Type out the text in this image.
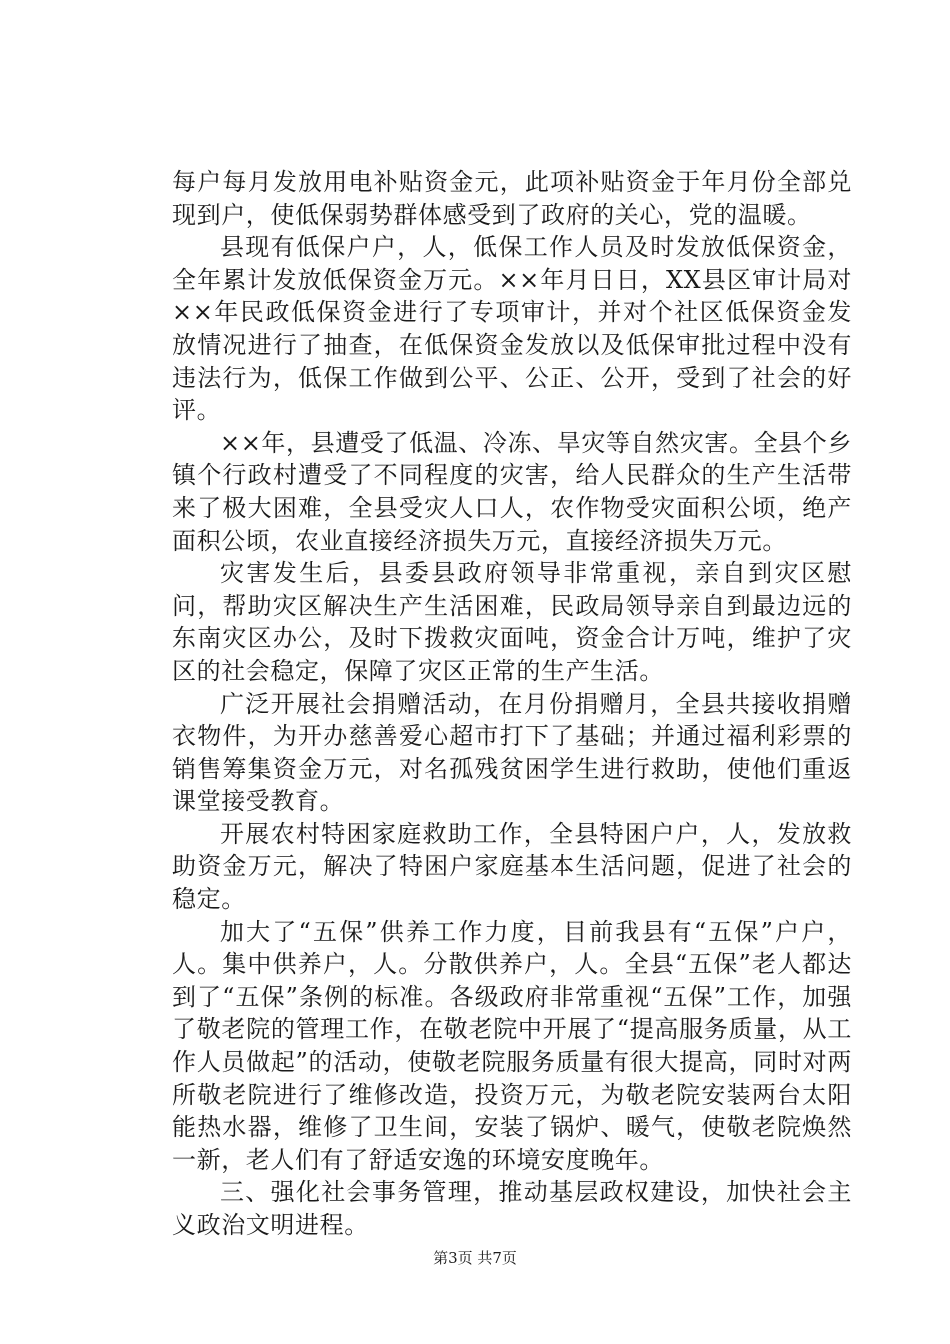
每户每月发放用电补贴资金元，此项补贴资金于年月份全部兑现到户，使低保弱势群体感受到了政府的关心，党的温暖。

县现有低保户户，人，低保工作人员及时发放低保资金，全年累计发放低保资金万元。××年月日日，XX县区审计局对××年民政低保资金进行了专项审计，并对个社区低保资金发放情况进行了抽查，在低保资金发放以及低保审批过程中没有违法行为，低保工作做到公平、公正、公开，受到了社会的好评。

××年，县遭受了低温、冷冻、旱灾等自然灾害。全县个乡镇个行政村遭受了不同程度的灾害，给人民群众的生产生活带来了极大困难，全县受灾人口人，农作物受灾面积公顷，绝产面积公顷，农业直接经济损失万元，直接经济损失万元。

灾害发生后，县委县政府领导非常重视，亲自到灾区慰问，帮助灾区解决生产生活困难，民政局领导亲自到最边远的东南灾区办公，及时下拨救灾面吨，资金合计万吨，维护了灾区的社会稳定，保障了灾区正常的生产生活。

广泛开展社会捐赠活动，在月份捐赠月，全县共接收捐赠衣物件，为开办慈善爱心超市打下了基础；并通过福利彩票的销售筹集资金万元，对名孤残贫困学生进行救助，使他们重返课堂接受教育。

开展农村特困家庭救助工作，全县特困户户，人，发放救助资金万元，解决了特困户家庭基本生活问题，促进了社会的稳定。

加大了“五保”供养工作力度，目前我县有“五保”户户，人。集中供养户，人。分散供养户，人。全县“五保”老人都达到了“五保”条例的标准。各级政府非常重视“五保”工作，加强了敬老院的管理工作，在敬老院中开展了“提高服务质量，从工作人员做起”的活动，使敬老院服务质量有很大提高，同时对两所敬老院进行了维修改造，投资万元，为敬老院安装两台太阳能热水器，维修了卫生间，安装了锅炉、暖气，使敬老院焕然一新，老人们有了舒适安逸的环境安度晚年。

三、强化社会事务管理，推动基层政权建设，加快社会主义政治文明进程。

第3页 共7页
